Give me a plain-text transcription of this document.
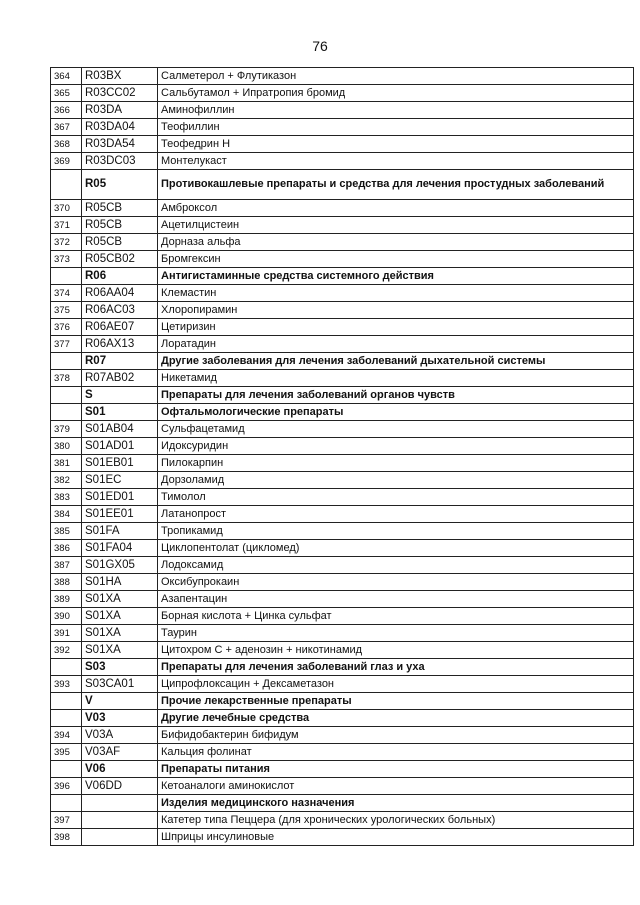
76
364	R03BX	Салметерол + Флутиказон
365	R03CC02	Сальбутамол + Ипратропия бромид
366	R03DA	Аминофиллин
367	R03DA04	Теофиллин
368	R03DA54	Теофедрин Н
369	R03DC03	Монтелукаст
	R05	Противокашлевые препараты и средства для лечения простудных заболеваний
370	R05CB	Амброксол
371	R05CB	Ацетилцистеин
372	R05CB	Дорназа альфа
373	R05CB02	Бромгексин
	R06	Антигистаминные средства системного действия
374	R06AA04	Клемастин
375	R06AC03	Хлоропирамин
376	R06AE07	Цетиризин
377	R06AX13	Лоратадин
	R07	Другие заболевания для лечения заболеваний дыхательной системы
378	R07AB02	Никетамид
	S	Препараты для лечения заболеваний органов чувств
	S01	Офтальмологические препараты
379	S01AB04	Сульфацетамид
380	S01AD01	Идоксуридин
381	S01EB01	Пилокарпин
382	S01EC	Дорзоламид
383	S01ED01	Тимолол
384	S01EE01	Латанопрост
385	S01FA	Тропикамид
386	S01FA04	Циклопентолат (цикломед)
387	S01GX05	Лодоксамид
388	S01HA	Оксибупрокаин
389	S01XA	Азапентацин
390	S01XA	Борная кислота + Цинка сульфат
391	S01XA	Таурин
392	S01XA	Цитохром С + аденозин + никотинамид
	S03	Препараты для лечения заболеваний глаз и уха
393	S03CA01	Ципрофлоксацин + Дексаметазон
	V	Прочие лекарственные препараты
	V03	Другие лечебные средства
394	V03A	Бифидобактерин бифидум
395	V03AF	Кальция фолинат
	V06	Препараты питания
396	V06DD	Кетоаналоги аминокислот
		Изделия медицинского назначения
397		Катетер типа Пеццера (для хронических урологических больных)
398		Шприцы инсулиновые
